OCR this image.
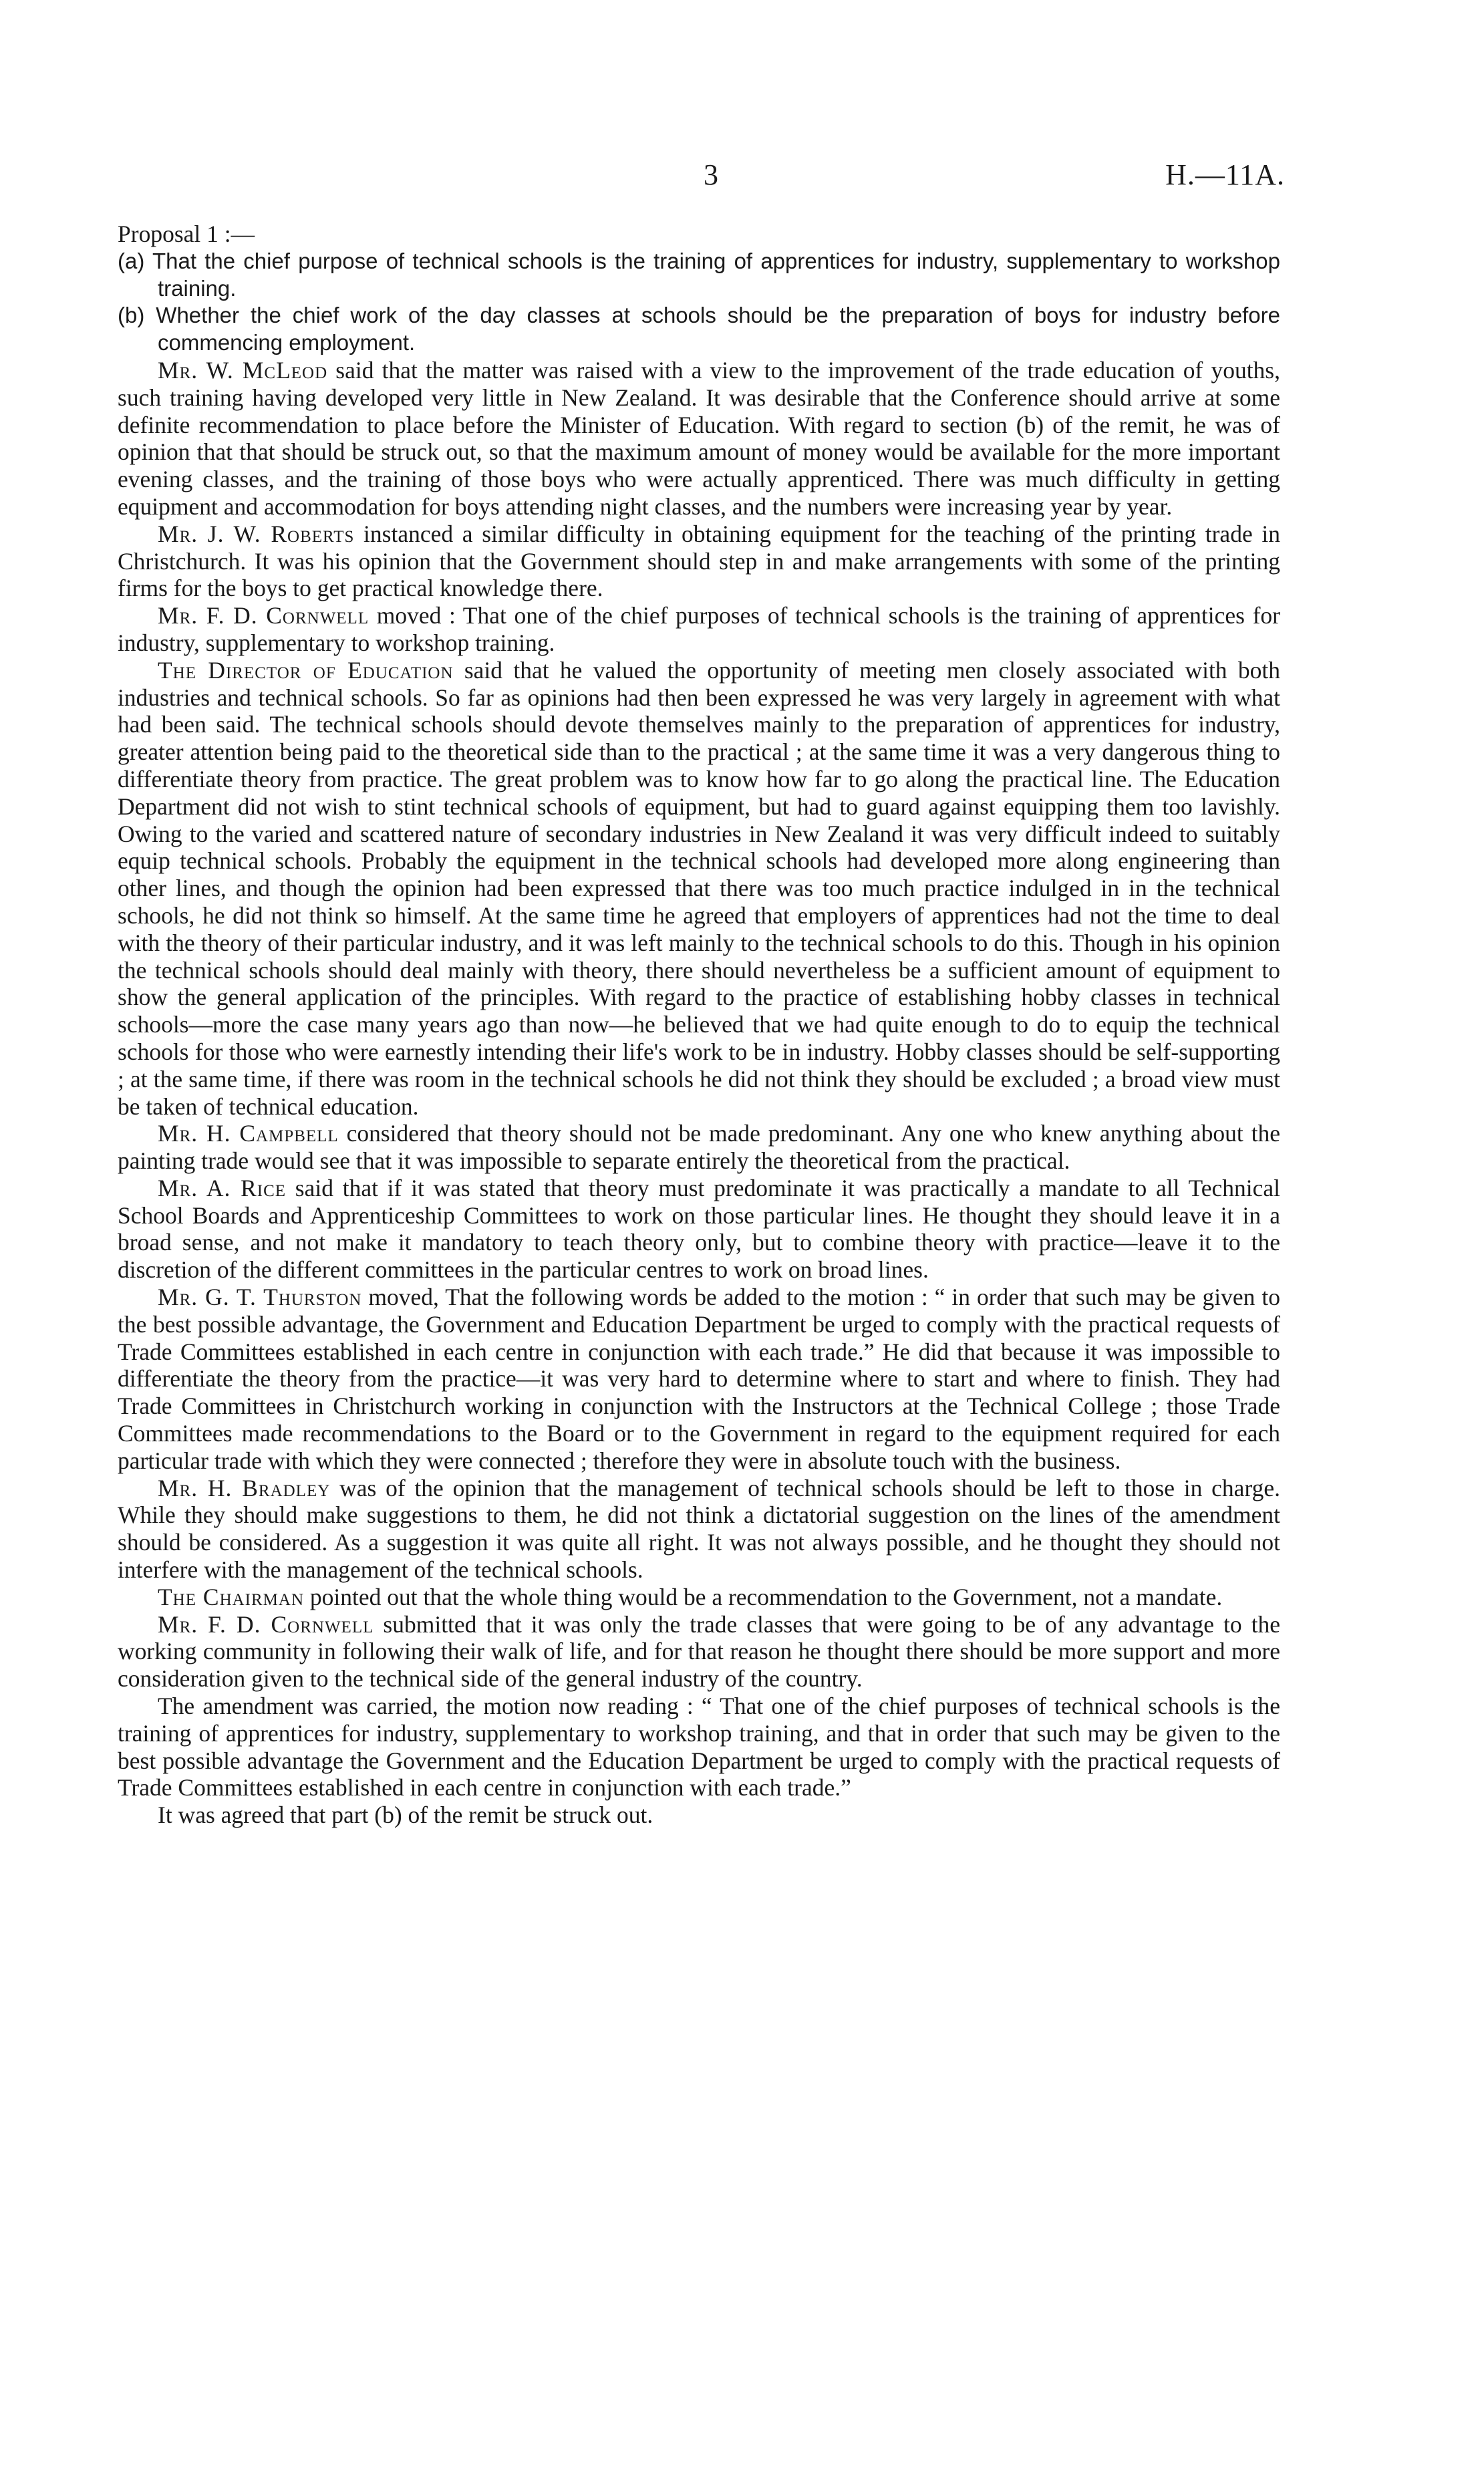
3	H.—11A.

Proposal 1 :—

(a) That the chief purpose of technical schools is the training of apprentices for industry, supplementary to workshop training.

(b) Whether the chief work of the day classes at schools should be the preparation of boys for industry before commencing employment.

Mr. W. McLeod said that the matter was raised with a view to the improvement of the trade education of youths, such training having developed very little in New Zealand. It was desirable that the Conference should arrive at some definite recommendation to place before the Minister of Education. With regard to section (b) of the remit, he was of opinion that that should be struck out, so that the maximum amount of money would be available for the more important evening classes, and the training of those boys who were actually apprenticed. There was much difficulty in getting equipment and accommodation for boys attending night classes, and the numbers were increasing year by year.

Mr. J. W. Roberts instanced a similar difficulty in obtaining equipment for the teaching of the printing trade in Christchurch. It was his opinion that the Government should step in and make arrangements with some of the printing firms for the boys to get practical knowledge there.

Mr. F. D. Cornwell moved : That one of the chief purposes of technical schools is the training of apprentices for industry, supplementary to workshop training.

The Director of Education said that he valued the opportunity of meeting men closely associated with both industries and technical schools. So far as opinions had then been expressed he was very largely in agreement with what had been said. The technical schools should devote themselves mainly to the preparation of apprentices for industry, greater attention being paid to the theoretical side than to the practical ; at the same time it was a very dangerous thing to differentiate theory from practice. The great problem was to know how far to go along the practical line. The Education Department did not wish to stint technical schools of equipment, but had to guard against equipping them too lavishly. Owing to the varied and scattered nature of secondary industries in New Zealand it was very difficult indeed to suitably equip technical schools. Probably the equipment in the technical schools had developed more along engineering than other lines, and though the opinion had been expressed that there was too much practice indulged in in the technical schools, he did not think so himself. At the same time he agreed that employers of apprentices had not the time to deal with the theory of their particular industry, and it was left mainly to the technical schools to do this. Though in his opinion the technical schools should deal mainly with theory, there should nevertheless be a sufficient amount of equipment to show the general application of the principles. With regard to the practice of establishing hobby classes in technical schools—more the case many years ago than now—he believed that we had quite enough to do to equip the technical schools for those who were earnestly intending their life's work to be in industry. Hobby classes should be self-supporting ; at the same time, if there was room in the technical schools he did not think they should be excluded ; a broad view must be taken of technical education.

Mr. H. Campbell considered that theory should not be made predominant. Any one who knew anything about the painting trade would see that it was impossible to separate entirely the theoretical from the practical.

Mr. A. Rice said that if it was stated that theory must predominate it was practically a mandate to all Technical School Boards and Apprenticeship Committees to work on those particular lines. He thought they should leave it in a broad sense, and not make it mandatory to teach theory only, but to combine theory with practice—leave it to the discretion of the different committees in the particular centres to work on broad lines.

Mr. G. T. Thurston moved, That the following words be added to the motion : “ in order that such may be given to the best possible advantage, the Government and Education Department be urged to comply with the practical requests of Trade Committees established in each centre in conjunction with each trade.” He did that because it was impossible to differentiate the theory from the practice—it was very hard to determine where to start and where to finish. They had Trade Committees in Christchurch working in conjunction with the Instructors at the Technical College ; those Trade Committees made recommendations to the Board or to the Government in regard to the equipment required for each particular trade with which they were connected ; therefore they were in absolute touch with the business.

Mr. H. Bradley was of the opinion that the management of technical schools should be left to those in charge. While they should make suggestions to them, he did not think a dictatorial suggestion on the lines of the amendment should be considered. As a suggestion it was quite all right. It was not always possible, and he thought they should not interfere with the management of the technical schools.

The Chairman pointed out that the whole thing would be a recommendation to the Government, not a mandate.

Mr. F. D. Cornwell submitted that it was only the trade classes that were going to be of any advantage to the working community in following their walk of life, and for that reason he thought there should be more support and more consideration given to the technical side of the general industry of the country.

The amendment was carried, the motion now reading : “ That one of the chief purposes of technical schools is the training of apprentices for industry, supplementary to workshop training, and that in order that such may be given to the best possible advantage the Government and the Education Department be urged to comply with the practical requests of Trade Committees established in each centre in conjunction with each trade.”

It was agreed that part (b) of the remit be struck out.
